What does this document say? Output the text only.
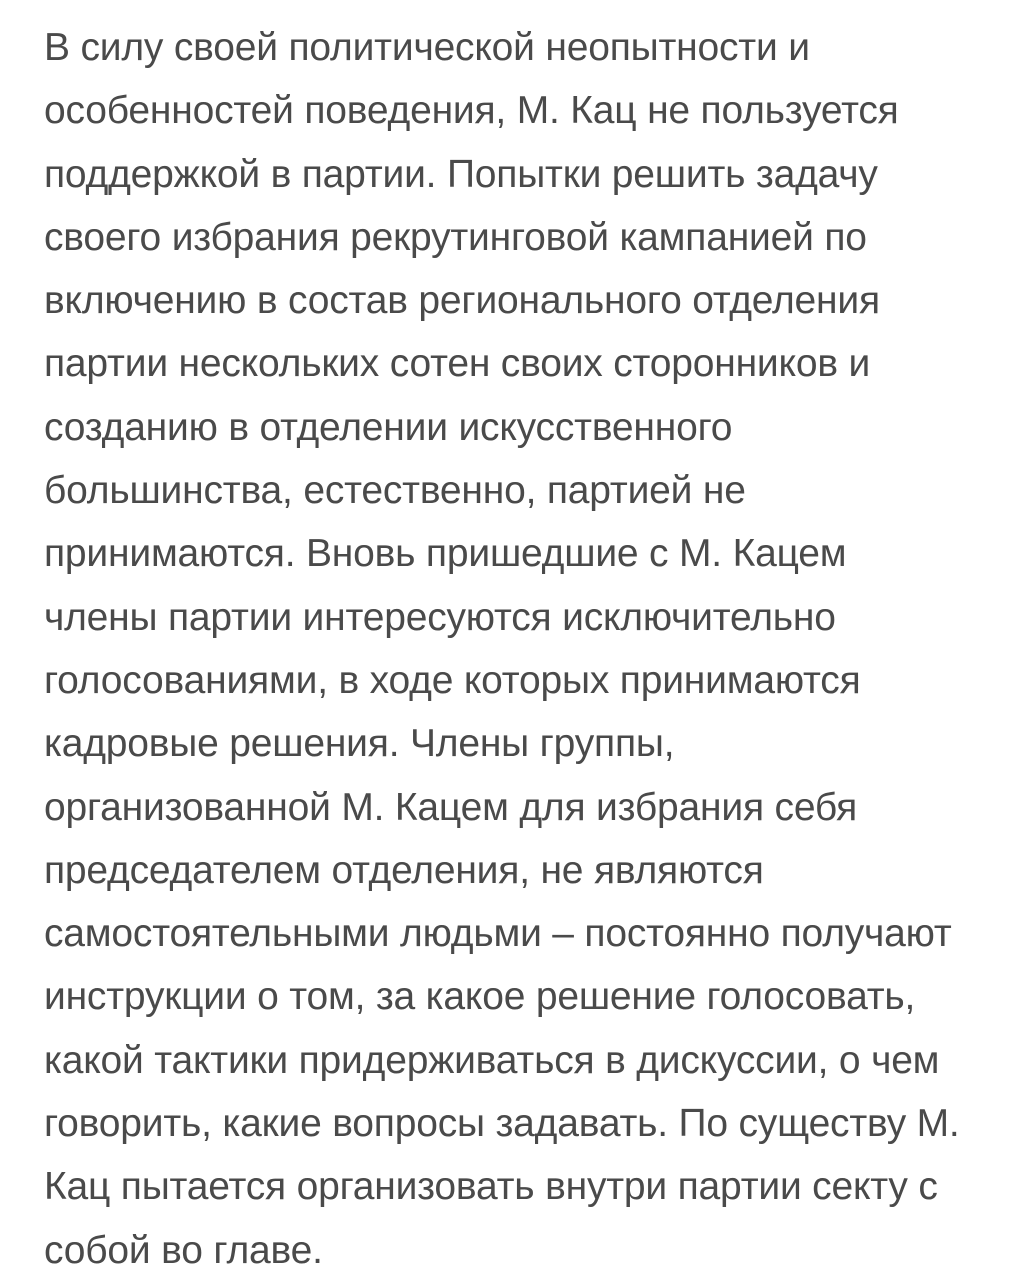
В силу своей политической неопытности и
особенностей поведения, М. Кац не пользуется
поддержкой в партии. Попытки решить задачу
своего избрания рекрутинговой кампанией по
включению в состав регионального отделения
партии нескольких сотен своих сторонников и
созданию в отделении искусственного
большинства, естественно, партией не
принимаются. Вновь пришедшие с М. Кацем
члены партии интересуются исключительно
голосованиями, в ходе которых принимаются
кадровые решения. Члены группы,
организованной М. Кацем для избрания себя
председателем отделения, не являются
самостоятельными людьми – постоянно получают
инструкции о том, за какое решение голосовать,
какой тактики придерживаться в дискуссии, о чем
говорить, какие вопросы задавать. По существу М.
Кац пытается организовать внутри партии секту с
собой во главе.
